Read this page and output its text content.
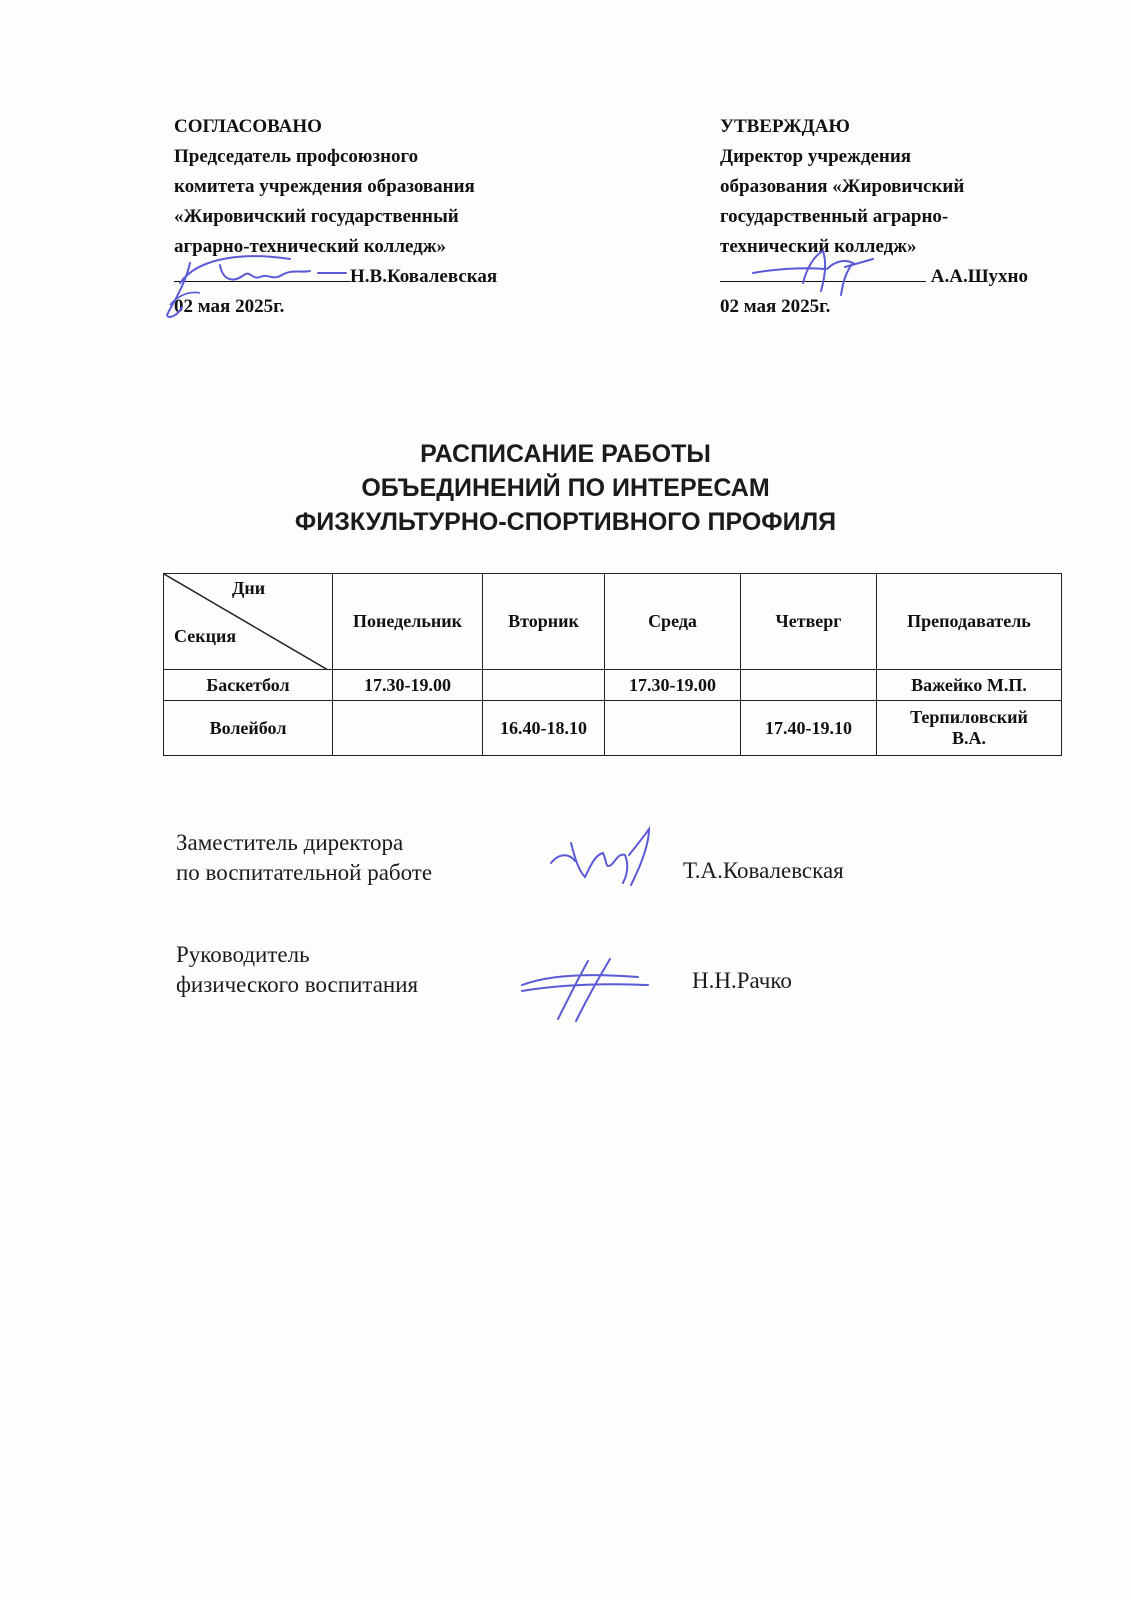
СОГЛАСОВАНО
Председатель профсоюзного
комитета учреждения образования
«Жировичский государственный
аграрно-технический колледж»
Н.В.Ковалевская
02 мая 2025г.
УТВЕРЖДАЮ
Директор учреждения
образования «Жировичский
государственный аграрно-
технический колледж»
А.А.Шухно
02 мая 2025г.
РАСПИСАНИЕ РАБОТЫ
ОБЪЕДИНЕНИЙ ПО ИНТЕРЕСАМ
ФИЗКУЛЬТУРНО-СПОРТИВНОГО ПРОФИЛЯ
Дни
Секция	Понедельник	Вторник	Среда	Четверг	Преподаватель
Баскетбол	17.30-19.00		17.30-19.00		Важейко М.П.
Волейбол		16.40-18.10		17.40-19.10	Терпиловский
В.А.
Заместитель директора
по воспитательной работе	Т.А.Ковалевская
Руководитель
физического воспитания	Н.Н.Рачко
